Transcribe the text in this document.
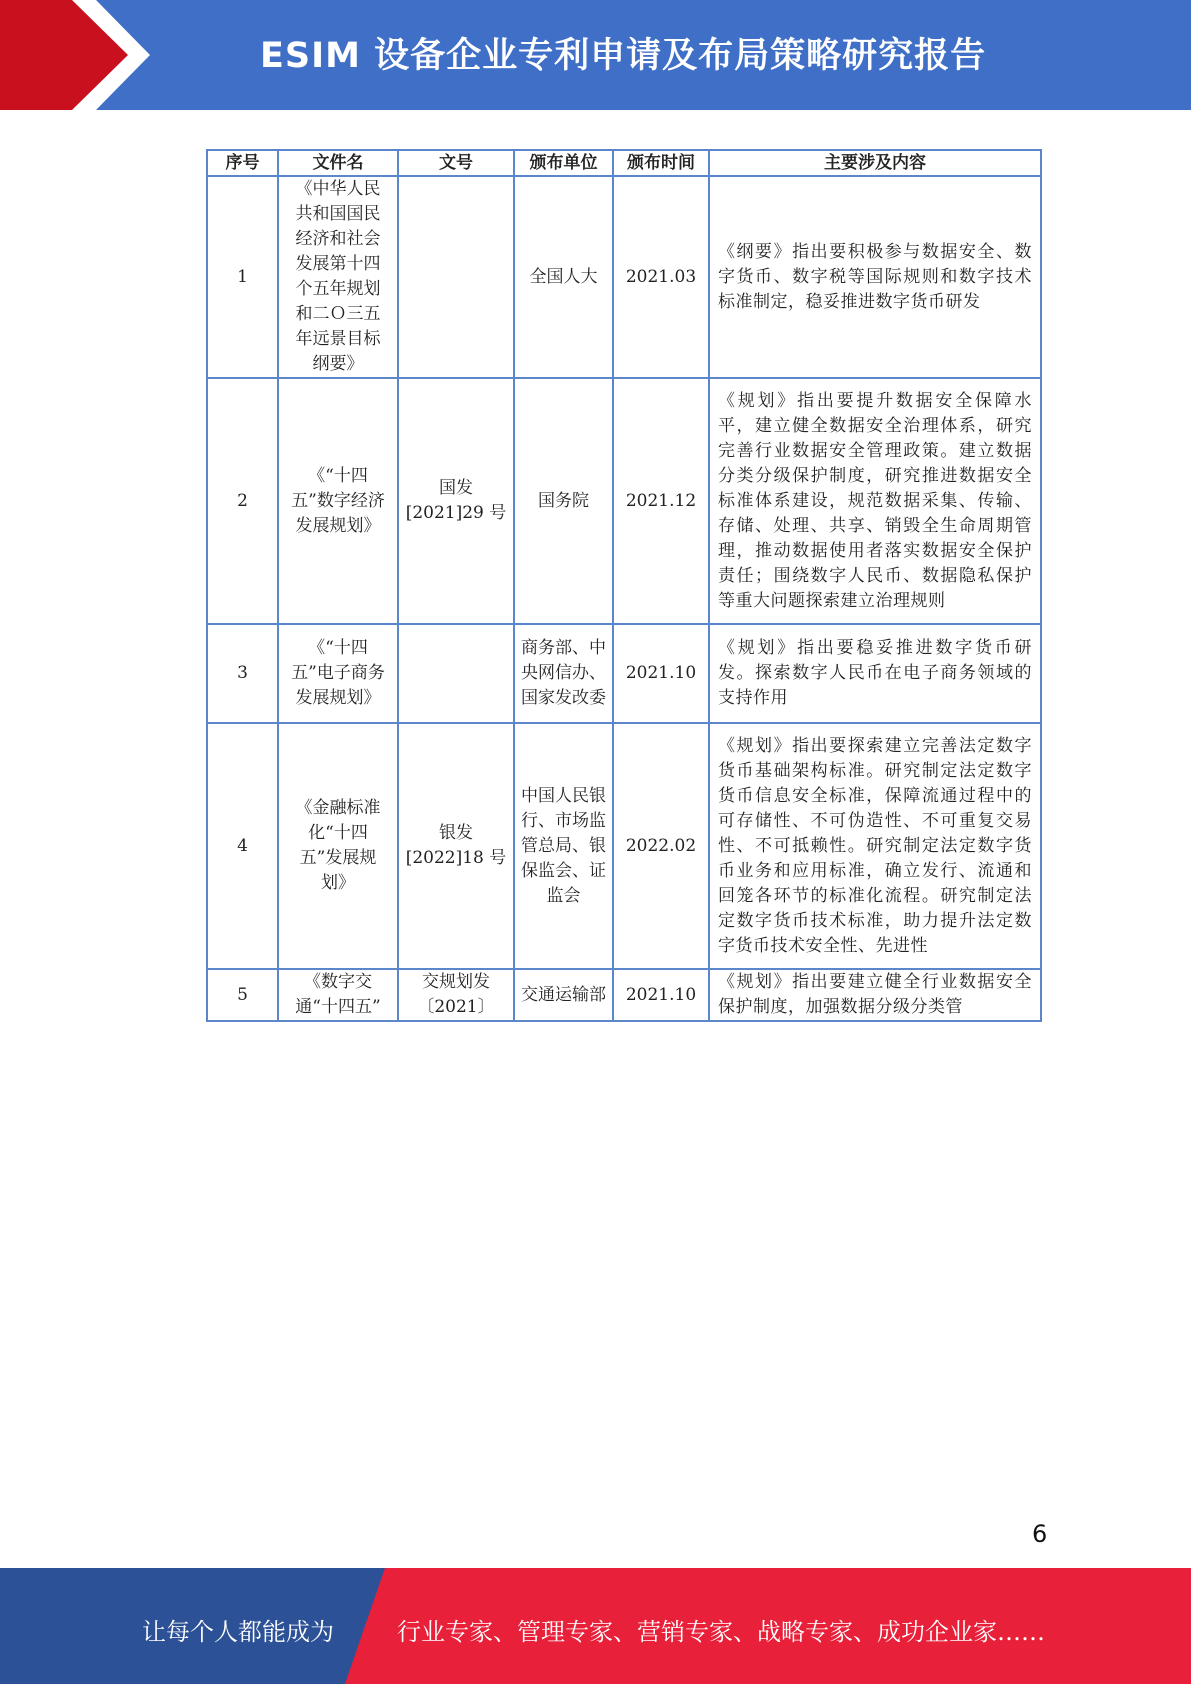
ESIM 设备企业专利申请及布局策略研究报告
序号	文件名	文号	颁布单位	颁布时间	主要涉及内容
1	《中华人民共和国国民经济和社会发展第十四个五年规划和二Ｏ三五年远景目标纲要》		全国人大	2021.03	《纲要》指出要积极参与数据安全、数字货币、数字税等国际规则和数字技术标准制定，稳妥推进数字货币研发
2	《“十四五”数字经济发展规划》	国发[2021]29 号	国务院	2021.12	《规划》指出要提升数据安全保障水平，建立健全数据安全治理体系，研究完善行业数据安全管理政策。建立数据分类分级保护制度，研究推进数据安全标准体系建设，规范数据采集、传输、存储、处理、共享、销毁全生命周期管理，推动数据使用者落实数据安全保护责任；围绕数字人民币、数据隐私保护等重大问题探索建立治理规则
3	《“十四五”电子商务发展规划》		商务部、中央网信办、国家发改委	2021.10	《规划》指出要稳妥推进数字货币研发。探索数字人民币在电子商务领域的支持作用
4	《金融标准化“十四五”发展规划》	银发[2022]18 号	中国人民银行、市场监管总局、银保监会、证监会	2022.02	《规划》指出要探索建立完善法定数字货币基础架构标准。研究制定法定数字货币信息安全标准，保障流通过程中的可存储性、不可伪造性、不可重复交易性、不可抵赖性。研究制定法定数字货币业务和应用标准，确立发行、流通和回笼各环节的标准化流程。研究制定法定数字货币技术标准，助力提升法定数字货币技术安全性、先进性
5	《数字交通“十四五”	交规划发〔2021〕	交通运输部	2021.10	《规划》指出要建立健全行业数据安全保护制度，加强数据分级分类管
6
让每个人都能成为	行业专家、管理专家、营销专家、战略专家、成功企业家……
